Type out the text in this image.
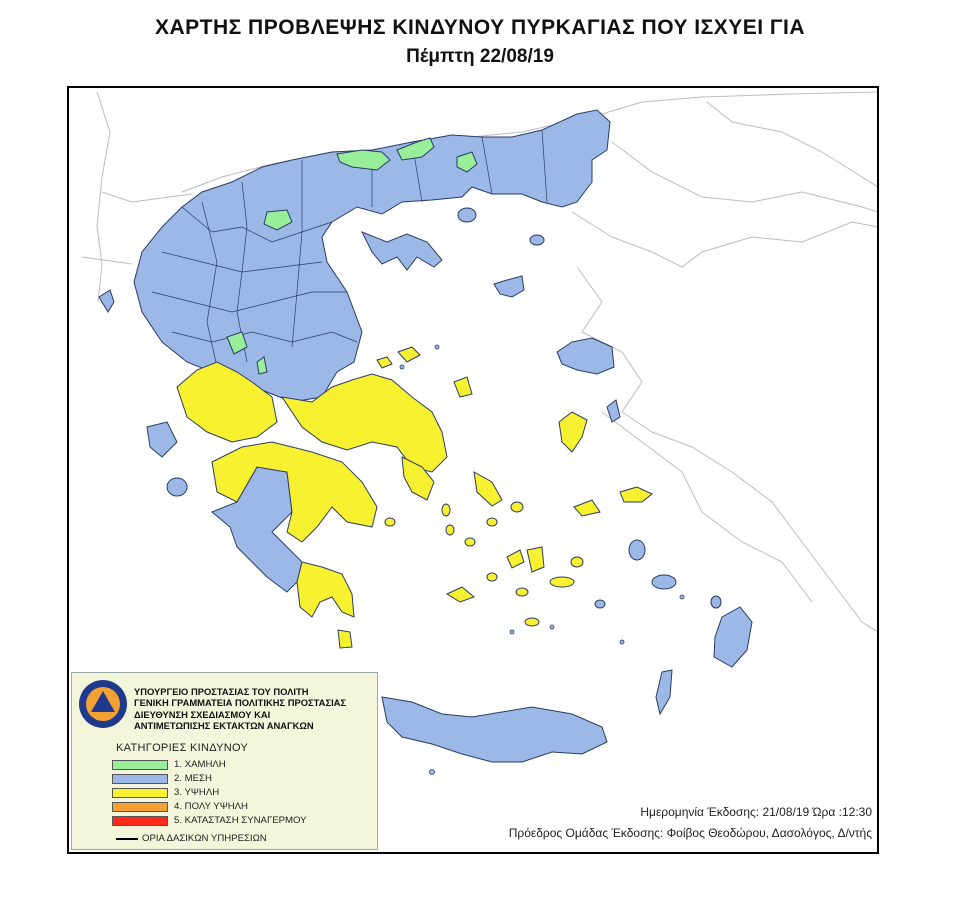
ΧΑΡΤΗΣ ΠΡΟΒΛΕΨΗΣ ΚΙΝΔΥΝΟΥ ΠΥΡΚΑΓΙΑΣ ΠΟΥ ΙΣΧΥΕΙ ΓΙΑ
Πέμπτη 22/08/19
ΥΠΟΥΡΓΕΙΟ ΠΡΟΣΤΑΣΙΑΣ ΤΟΥ ΠΟΛΙΤΗ
ΓΕΝΙΚΗ ΓΡΑΜΜΑΤΕΙΑ ΠΟΛΙΤΙΚΗΣ ΠΡΟΣΤΑΣΙΑΣ
ΔΙΕΥΘΥΝΣΗ ΣΧΕΔΙΑΣΜΟΥ ΚΑΙ
ΑΝΤΙΜΕΤΩΠΙΣΗΣ ΕΚΤΑΚΤΩΝ ΑΝΑΓΚΩΝ
ΚΑΤΗΓΟΡΙΕΣ ΚΙΝΔΥΝΟΥ
1. ΧΑΜΗΛΗ
2. ΜΕΣΗ
3. ΥΨΗΛΗ
4. ΠΟΛΥ ΥΨΗΛΗ
5. ΚΑΤΑΣΤΑΣΗ ΣΥΝΑΓΕΡΜΟΥ
ΟΡΙΑ ΔΑΣΙΚΩΝ ΥΠΗΡΕΣΙΩΝ
Ημερομηνία Έκδοσης: 21/08/19 Ώρα :12:30
Πρόεδρος Ομάδας Έκδοσης: Φοίβος Θεοδώρου, Δασολόγος, Δ/ντής
